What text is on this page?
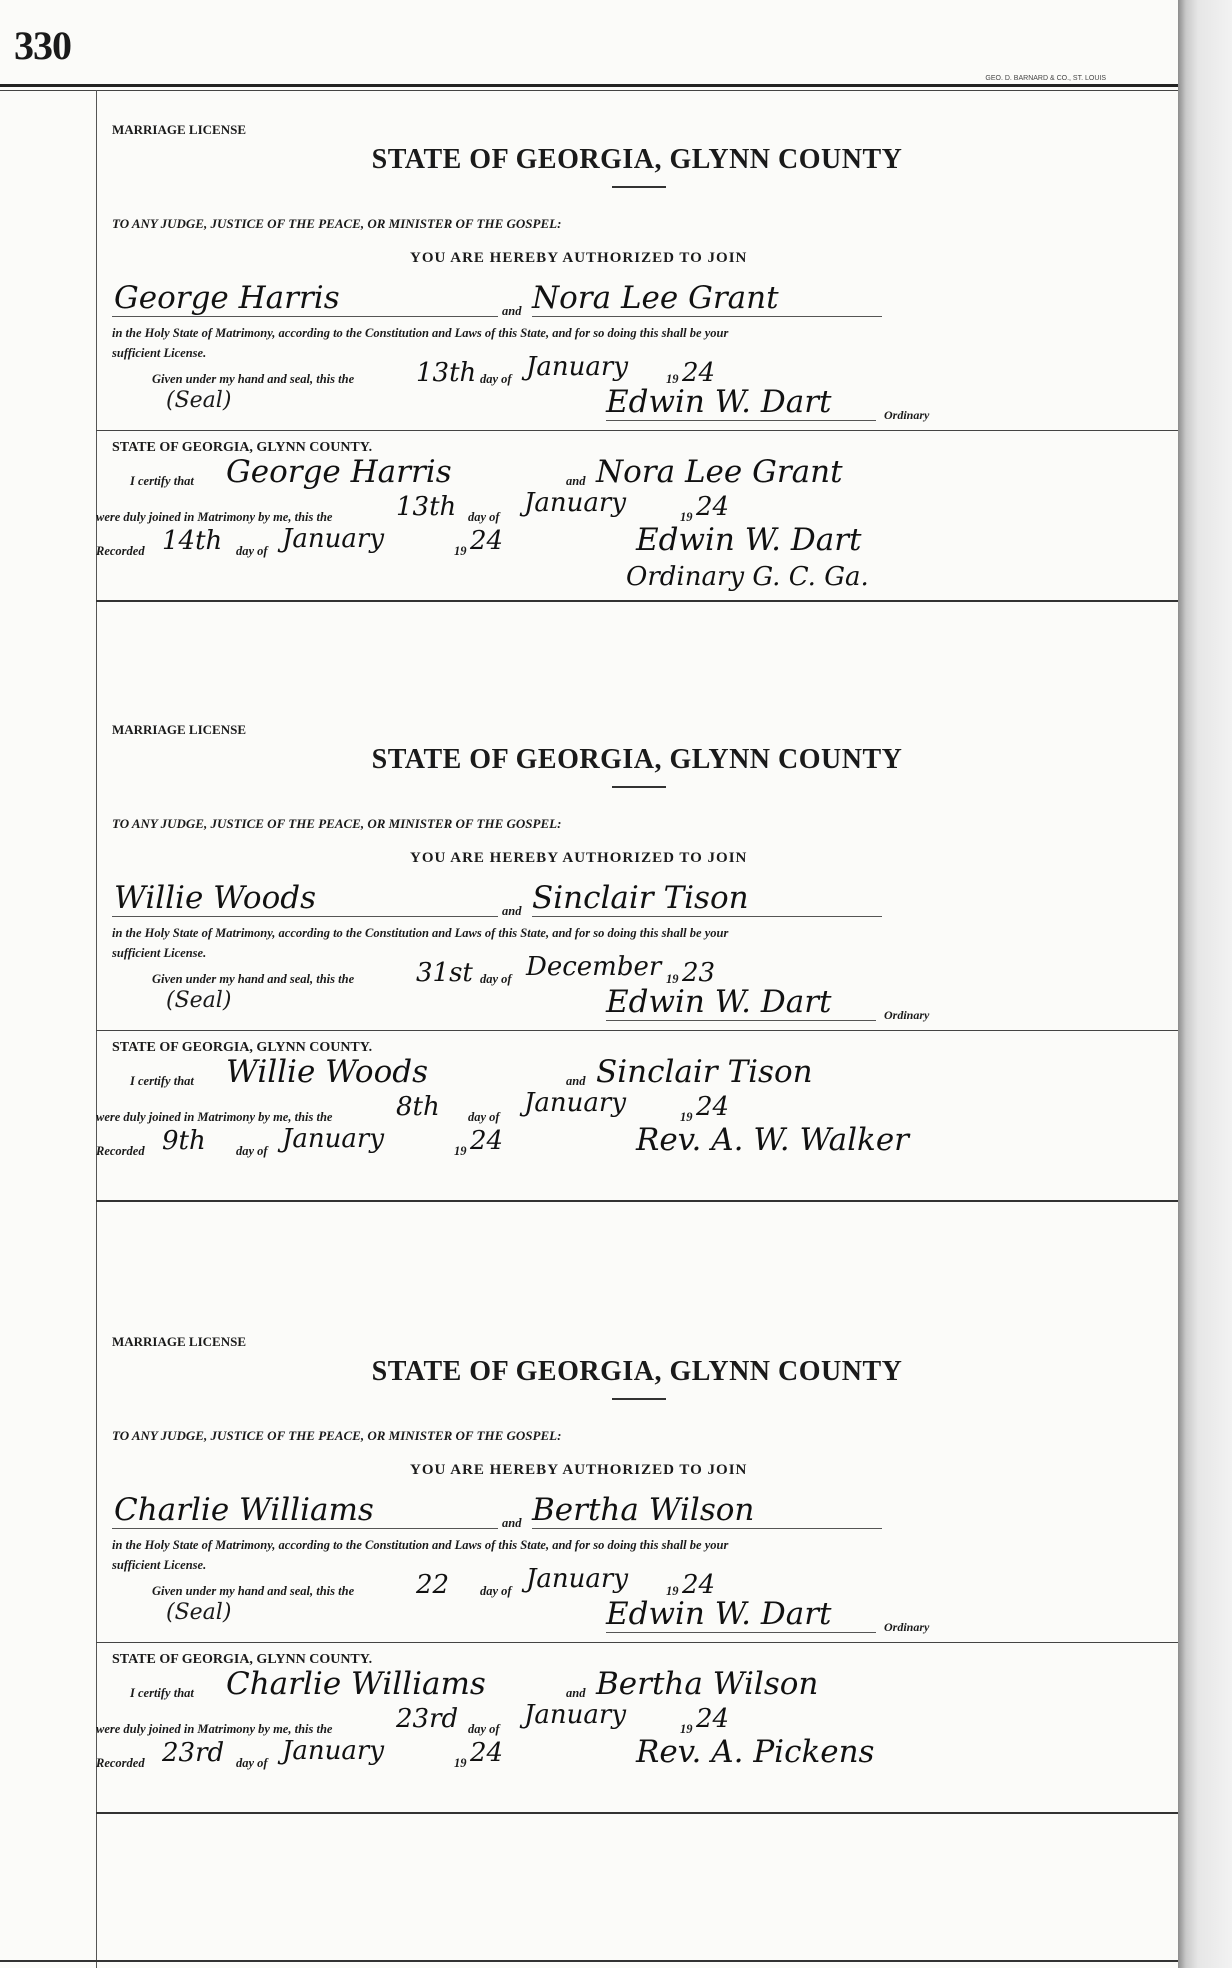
330
GEO. D. BARNARD & CO., ST. LOUIS
MARRIAGE LICENSE
STATE OF GEORGIA, GLYNN COUNTY
TO ANY JUDGE, JUSTICE OF THE PEACE, OR MINISTER OF THE GOSPEL:
YOU ARE HEREBY AUTHORIZED TO JOIN
George Harris	and Nora Lee Grant
in the Holy State of Matrimony, according to the Constitution and Laws of this State, and for so doing this shall be your
sufficient License.
Given under my hand and seal, this the 13th day of January	19 24
(Seal)	Edwin W. Dart	Ordinary
STATE OF GEORGIA, GLYNN COUNTY.
I certify that George Harris	and Nora Lee Grant
were duly joined in Matrimony by me, this the 13th day of January	19 24
Recorded 14th day of January	19 24	Edwin W. Dart
Ordinary G. C. Ga.
MARRIAGE LICENSE
STATE OF GEORGIA, GLYNN COUNTY
TO ANY JUDGE, JUSTICE OF THE PEACE, OR MINISTER OF THE GOSPEL:
YOU ARE HEREBY AUTHORIZED TO JOIN
Willie Woods	and Sinclair Tison
in the Holy State of Matrimony, according to the Constitution and Laws of this State, and for so doing this shall be your
sufficient License.
Given under my hand and seal, this the 31st day of December 19 23
(Seal)	Edwin W. Dart	Ordinary
STATE OF GEORGIA, GLYNN COUNTY.
I certify that Willie Woods	and Sinclair Tison
were duly joined in Matrimony by me, this the 8th day of January	19 24
Recorded 9th day of January	19 24	Rev. A. W. Walker
MARRIAGE LICENSE
STATE OF GEORGIA, GLYNN COUNTY
TO ANY JUDGE, JUSTICE OF THE PEACE, OR MINISTER OF THE GOSPEL:
YOU ARE HEREBY AUTHORIZED TO JOIN
Charlie Williams	and Bertha Wilson
in the Holy State of Matrimony, according to the Constitution and Laws of this State, and for so doing this shall be your
sufficient License.
Given under my hand and seal, this the 22 day of January	19 24
(Seal)	Edwin W. Dart	Ordinary
STATE OF GEORGIA, GLYNN COUNTY.
I certify that Charlie Williams	and Bertha Wilson
were duly joined in Matrimony by me, this the 23rd day of January	19 24
Recorded 23rd day of January	19 24	Rev. A. Pickens
